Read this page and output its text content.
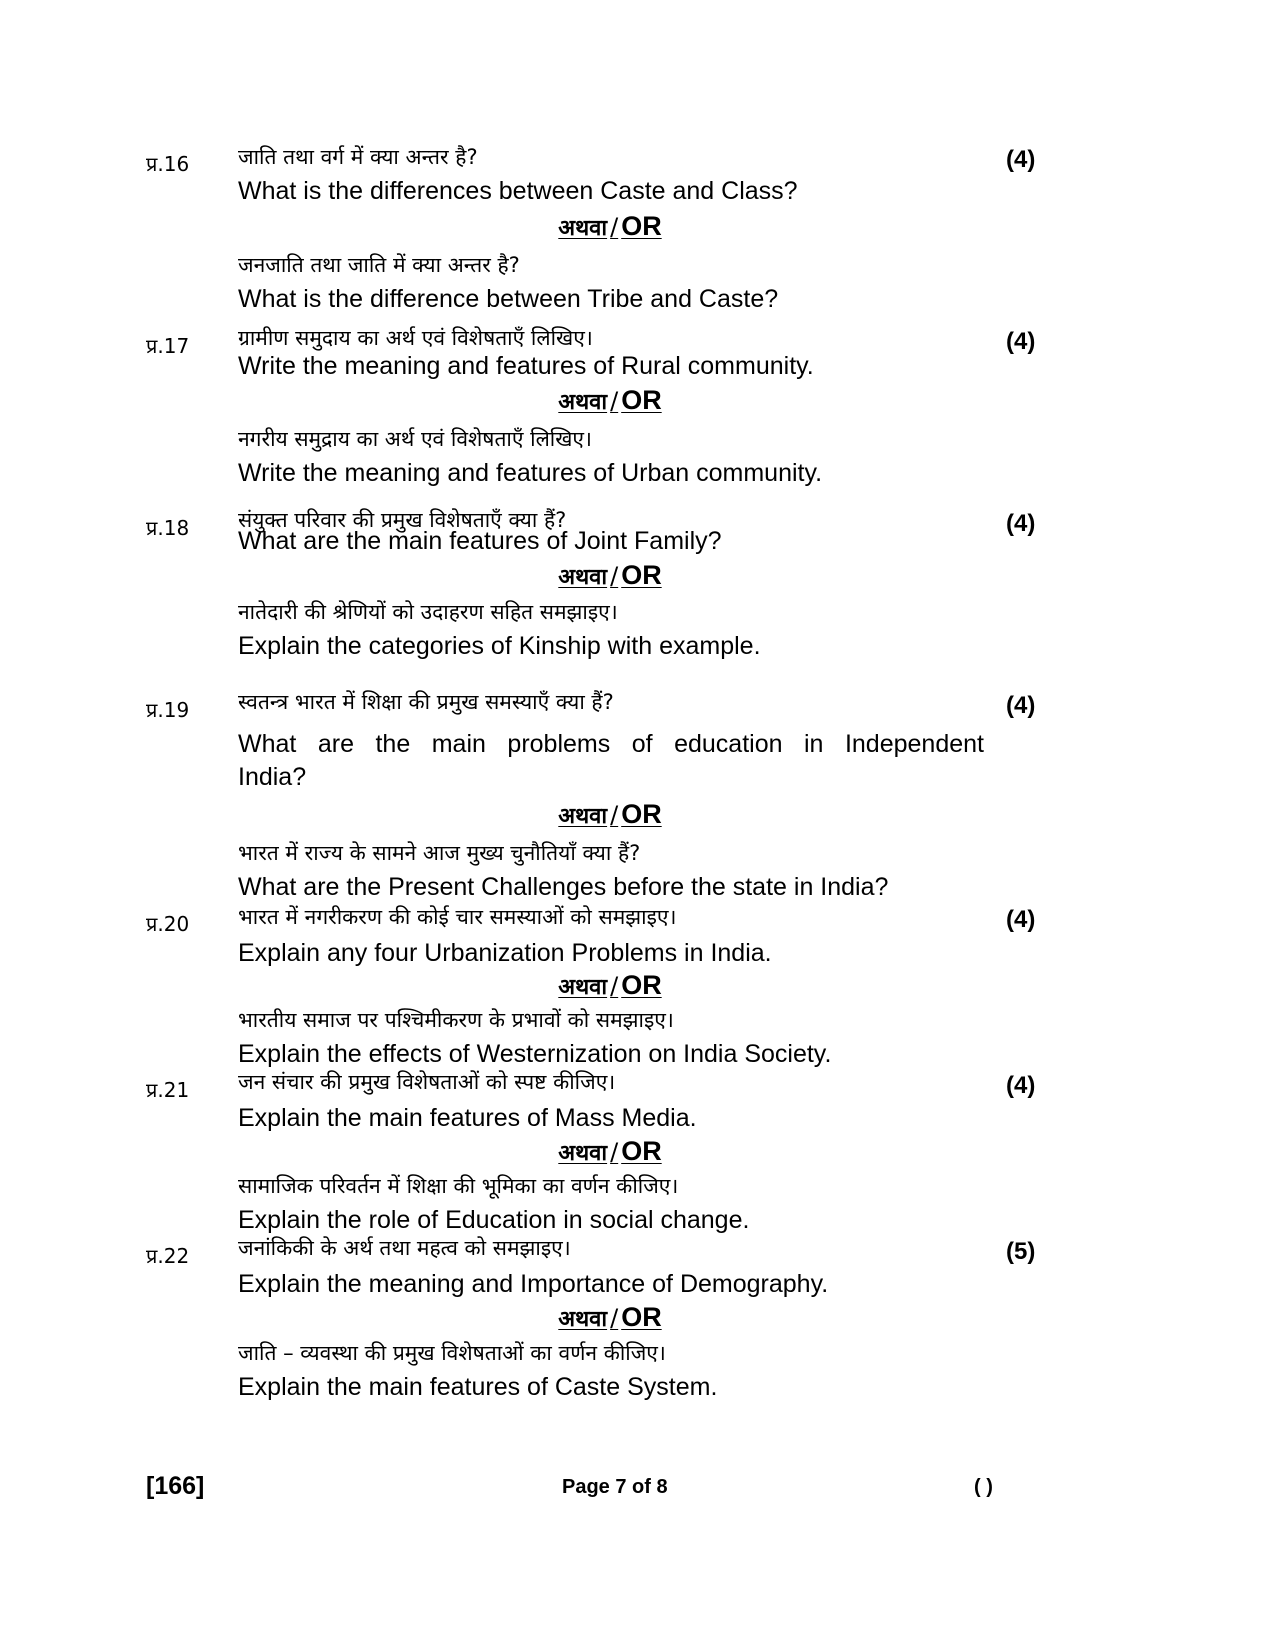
प्र.16 जाति तथा वर्ग में क्या अन्तर है?	(4)
What is the differences between Caste and Class?
अथवा / OR
जनजाति तथा जाति में क्या अन्तर है?
What is the difference between Tribe and Caste?
प्र.17 ग्रामीण समुदाय का अर्थ एवं विशेषताएँ लिखिए।	(4)
Write the meaning and features of Rural community.
अथवा / OR
नगरीय समुद्राय का अर्थ एवं विशेषताएँ लिखिए।
Write the meaning and features of Urban community.
प्र.18 संयुक्त परिवार की प्रमुख विशेषताएँ क्या हैं?	(4)
What are the main features of Joint Family?
अथवा / OR
नातेदारी की श्रेणियों को उदाहरण सहित समझाइए।
Explain the categories of Kinship with example.
प्र.19 स्वतन्त्र भारत में शिक्षा की प्रमुख समस्याएँ क्या हैं?	(4)
What are the main problems of education in Independent
India?
अथवा / OR
भारत में राज्य के सामने आज मुख्य चुनौतियाँ क्या हैं?
What are the Present Challenges before the state in India?
प्र.20 भारत में नगरीकरण की कोई चार समस्याओं को समझाइए।	(4)
Explain any four Urbanization Problems in India.
अथवा / OR
भारतीय समाज पर पश्चिमीकरण के प्रभावों को समझाइए।
Explain the effects of Westernization on India Society.
प्र.21 जन संचार की प्रमुख विशेषताओं को स्पष्ट कीजिए।	(4)
Explain the main features of Mass Media.
अथवा / OR
सामाजिक परिवर्तन में शिक्षा की भूमिका का वर्णन कीजिए।
Explain the role of Education in social change.
प्र.22 जनांकिकी के अर्थ तथा महत्व को समझाइए।	(5)
Explain the meaning and Importance of Demography.
अथवा / OR
जाति – व्यवस्था की प्रमुख विशेषताओं का वर्णन कीजिए।
Explain the main features of Caste System.
[166]	Page 7 of 8	( )
